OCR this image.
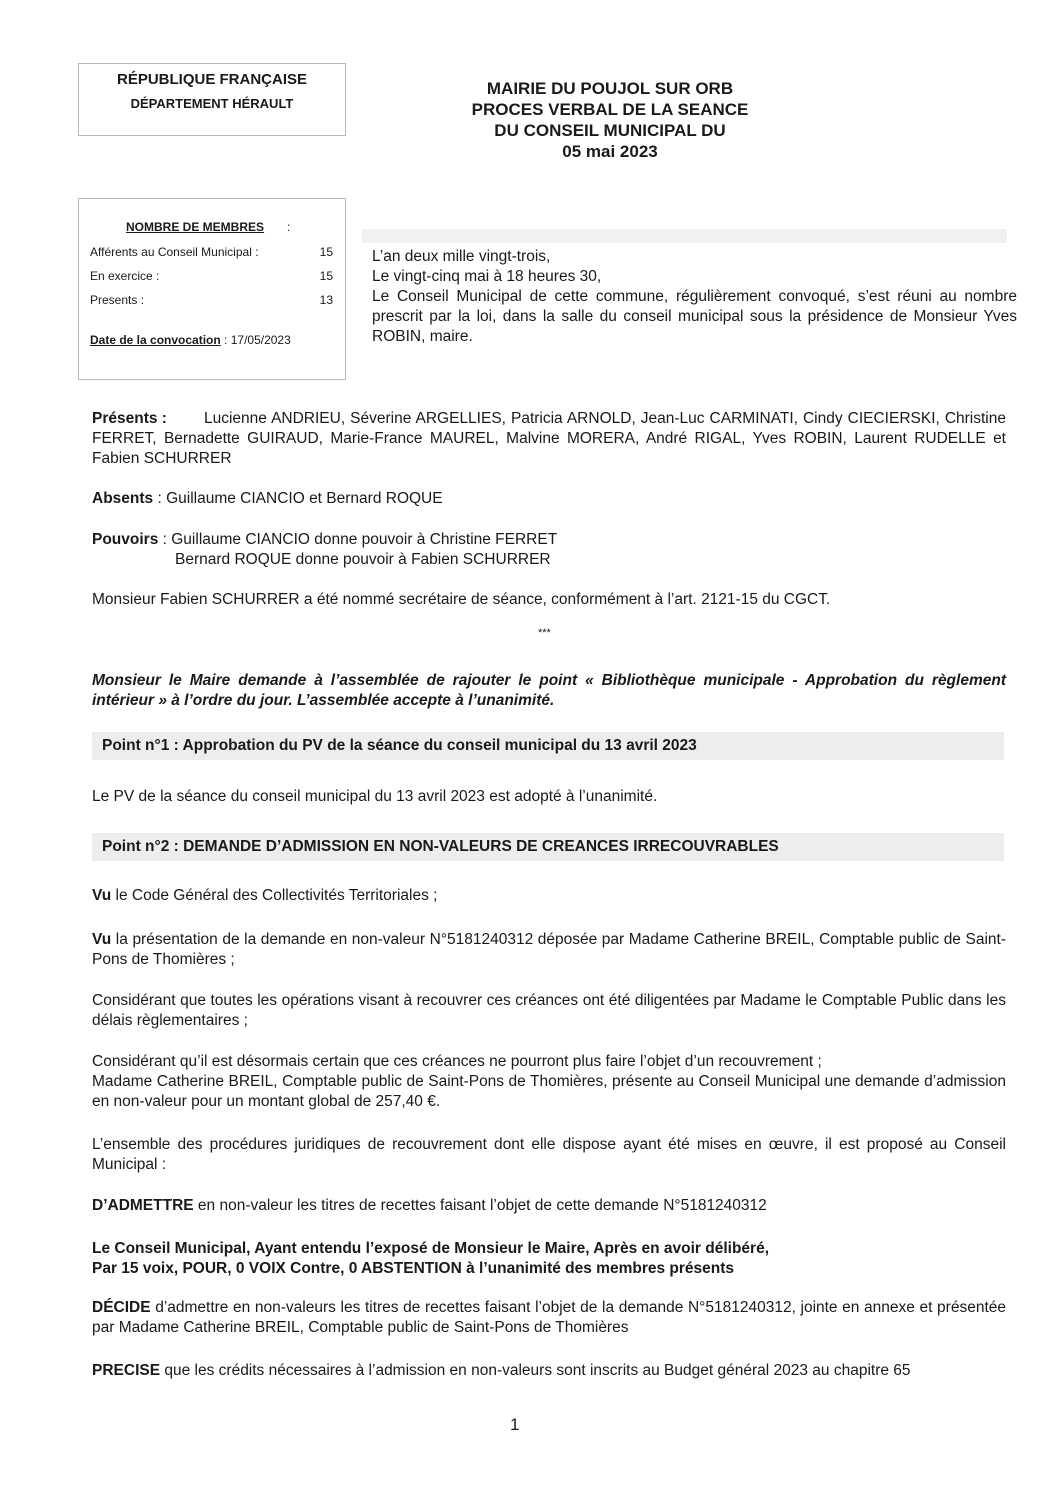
RÉPUBLIQUE FRANÇAISE
DÉPARTEMENT HÉRAULT
MAIRIE DU POUJOL SUR ORB
PROCES VERBAL DE LA SEANCE
DU CONSEIL MUNICIPAL DU
05 mai 2023
NOMBRE DE MEMBRES :
Afférents au Conseil Municipal :	15
En exercice :	15
Presents :	13
Date de la convocation : 17/05/2023
L’an deux mille vingt-trois,
Le vingt-cinq mai à 18 heures 30,
Le Conseil Municipal de cette commune, régulièrement convoqué, s’est réuni au nombre prescrit par la loi, dans la salle du conseil municipal sous la présidence de Monsieur Yves ROBIN, maire.
Lucienne ANDRIEU, Séverine ARGELLIES, Patricia ARNOLD, Jean-Luc CARMINATI, Cindy CIECIERSKI, Christine FERRET, Bernadette GUIRAUD, Marie-France MAUREL, Malvine MORERA, André RIGAL, Yves ROBIN, Laurent RUDELLE et Fabien SCHURRER
Présents :
Absents : Guillaume CIANCIO et Bernard ROQUE
Pouvoirs : Guillaume CIANCIO donne pouvoir à Christine FERRET
Bernard ROQUE donne pouvoir à Fabien SCHURRER
Monsieur Fabien SCHURRER a été nommé secrétaire de séance, conformément à l’art. 2121-15 du CGCT.
***
Monsieur le Maire demande à l’assemblée de rajouter le point « Bibliothèque municipale - Approbation du règlement intérieur » à l’ordre du jour. L’assemblée accepte à l’unanimité.
Point n°1 : Approbation du PV de la séance du conseil municipal du 13 avril 2023
Le PV de la séance du conseil municipal du 13 avril 2023 est adopté à l’unanimité.
Point n°2 : DEMANDE D’ADMISSION EN NON-VALEURS DE CREANCES IRRECOUVRABLES
Vu le Code Général des Collectivités Territoriales ;
Vu la présentation de la demande en non-valeur N°5181240312 déposée par Madame Catherine BREIL, Comptable public de Saint-Pons de Thomières ;
Considérant que toutes les opérations visant à recouvrer ces créances ont été diligentées par Madame le Comptable Public dans les délais règlementaires ;
Considérant qu’il est désormais certain que ces créances ne pourront plus faire l’objet d’un recouvrement ;
Madame Catherine BREIL, Comptable public de Saint-Pons de Thomières, présente au Conseil Municipal une demande d’admission en non-valeur pour un montant global de 257,40 €.
L’ensemble des procédures juridiques de recouvrement dont elle dispose ayant été mises en œuvre, il est proposé au Conseil Municipal :
D’ADMETTRE en non-valeur les titres de recettes faisant l’objet de cette demande N°5181240312
Le Conseil Municipal, Ayant entendu l’exposé de Monsieur le Maire, Après en avoir délibéré,
Par 15 voix, POUR, 0 VOIX Contre, 0 ABSTENTION à l’unanimité des membres présents
DÉCIDE d’admettre en non-valeurs les titres de recettes faisant l’objet de la demande N°5181240312, jointe en annexe et présentée par Madame Catherine BREIL, Comptable public de Saint-Pons de Thomières
PRECISE que les crédits nécessaires à l’admission en non-valeurs sont inscrits au Budget général 2023 au chapitre 65
1
